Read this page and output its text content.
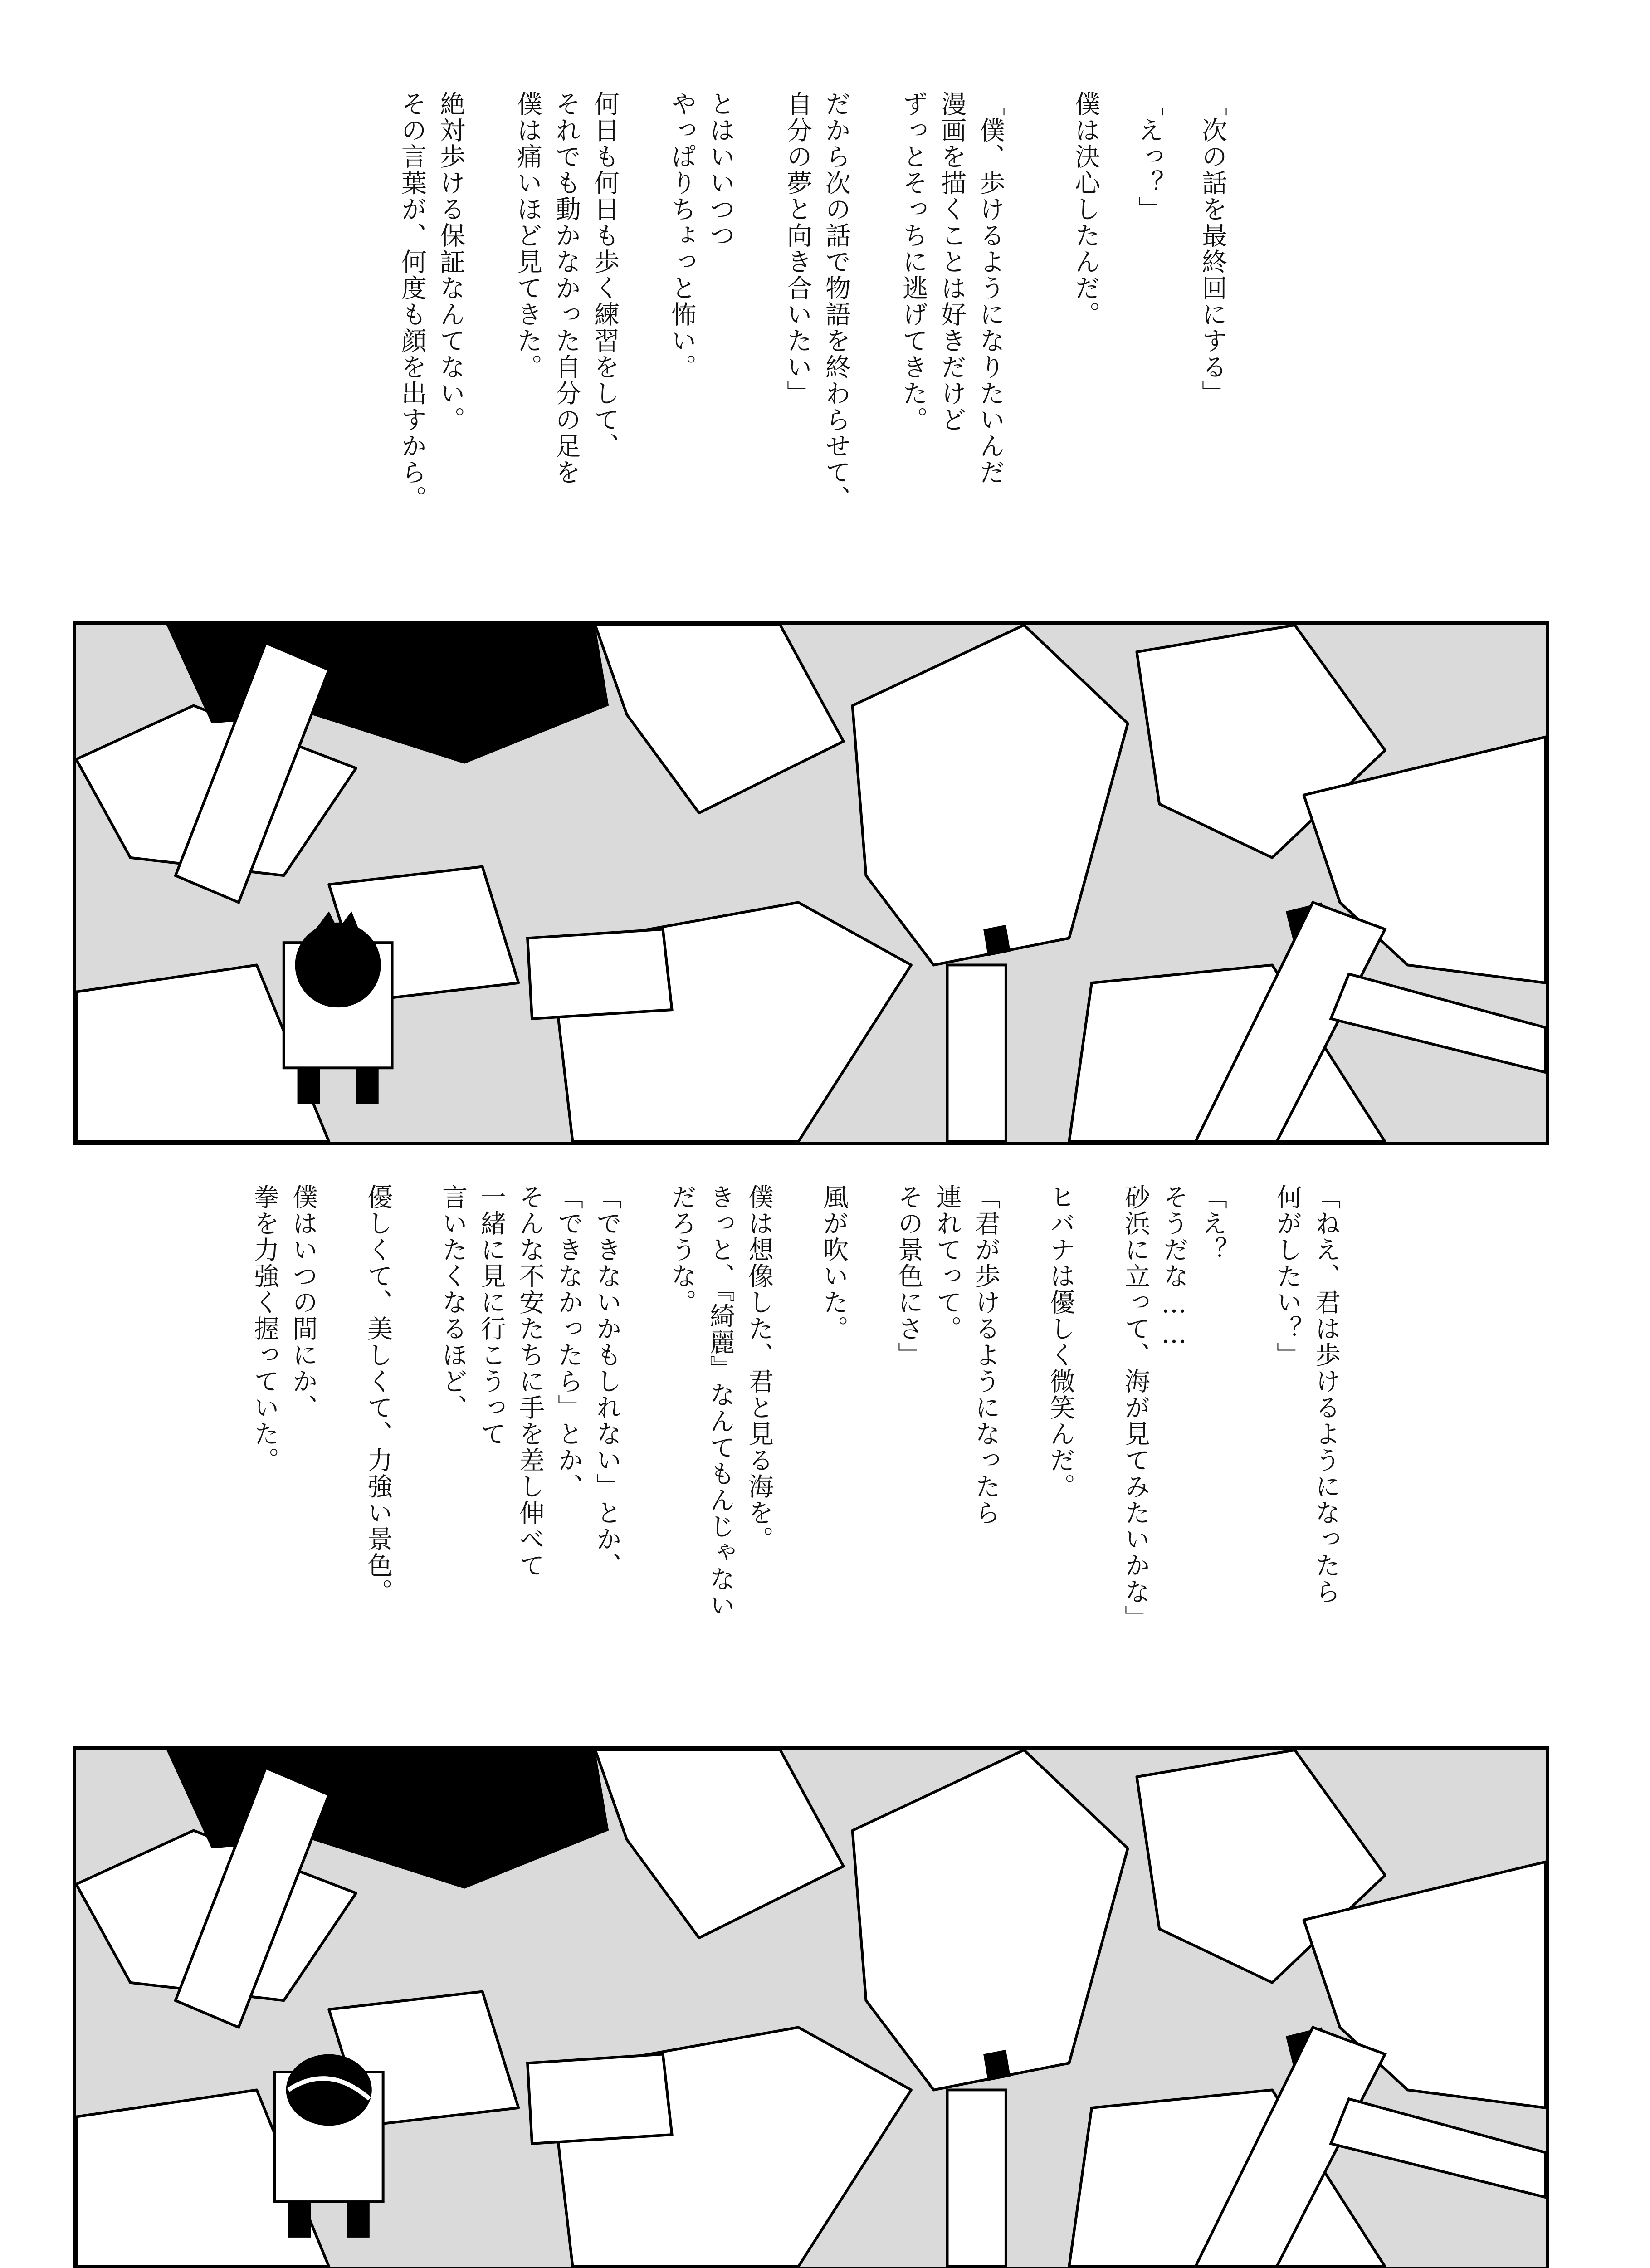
「次の話を最終回にする」
「えっ？」
僕は決心したんだ。
「僕、歩けるようになりたいんだ
漫画を描くことは好きだけど
ずっとそっちに逃げてきた。
だから次の話で物語を終わらせて、
自分の夢と向き合いたい」
とはいいつつ
やっぱりちょっと怖い。
何日も何日も歩く練習をして、
それでも動かなかった自分の足を
僕は痛いほど見てきた。
絶対歩ける保証なんてない。
その言葉が、何度も顔を出すから。
「ねえ、君は歩けるようになったら
何がしたい？」
「え？
そうだな……
砂浜に立って、海が見てみたいかな」
ヒバナは優しく微笑んだ。
「君が歩けるようになったら
連れてって。
その景色にさ」
風が吹いた。
僕は想像した、君と見る海を。
きっと、『綺麗』なんてもんじゃない
だろうな。
「できないかもしれない」とか、
「できなかったら」とか、
そんな不安たちに手を差し伸べて
一緒に見に行こうって
言いたくなるほど、
優しくて、美しくて、力強い景色。
僕はいつの間にか、
拳を力強く握っていた。
